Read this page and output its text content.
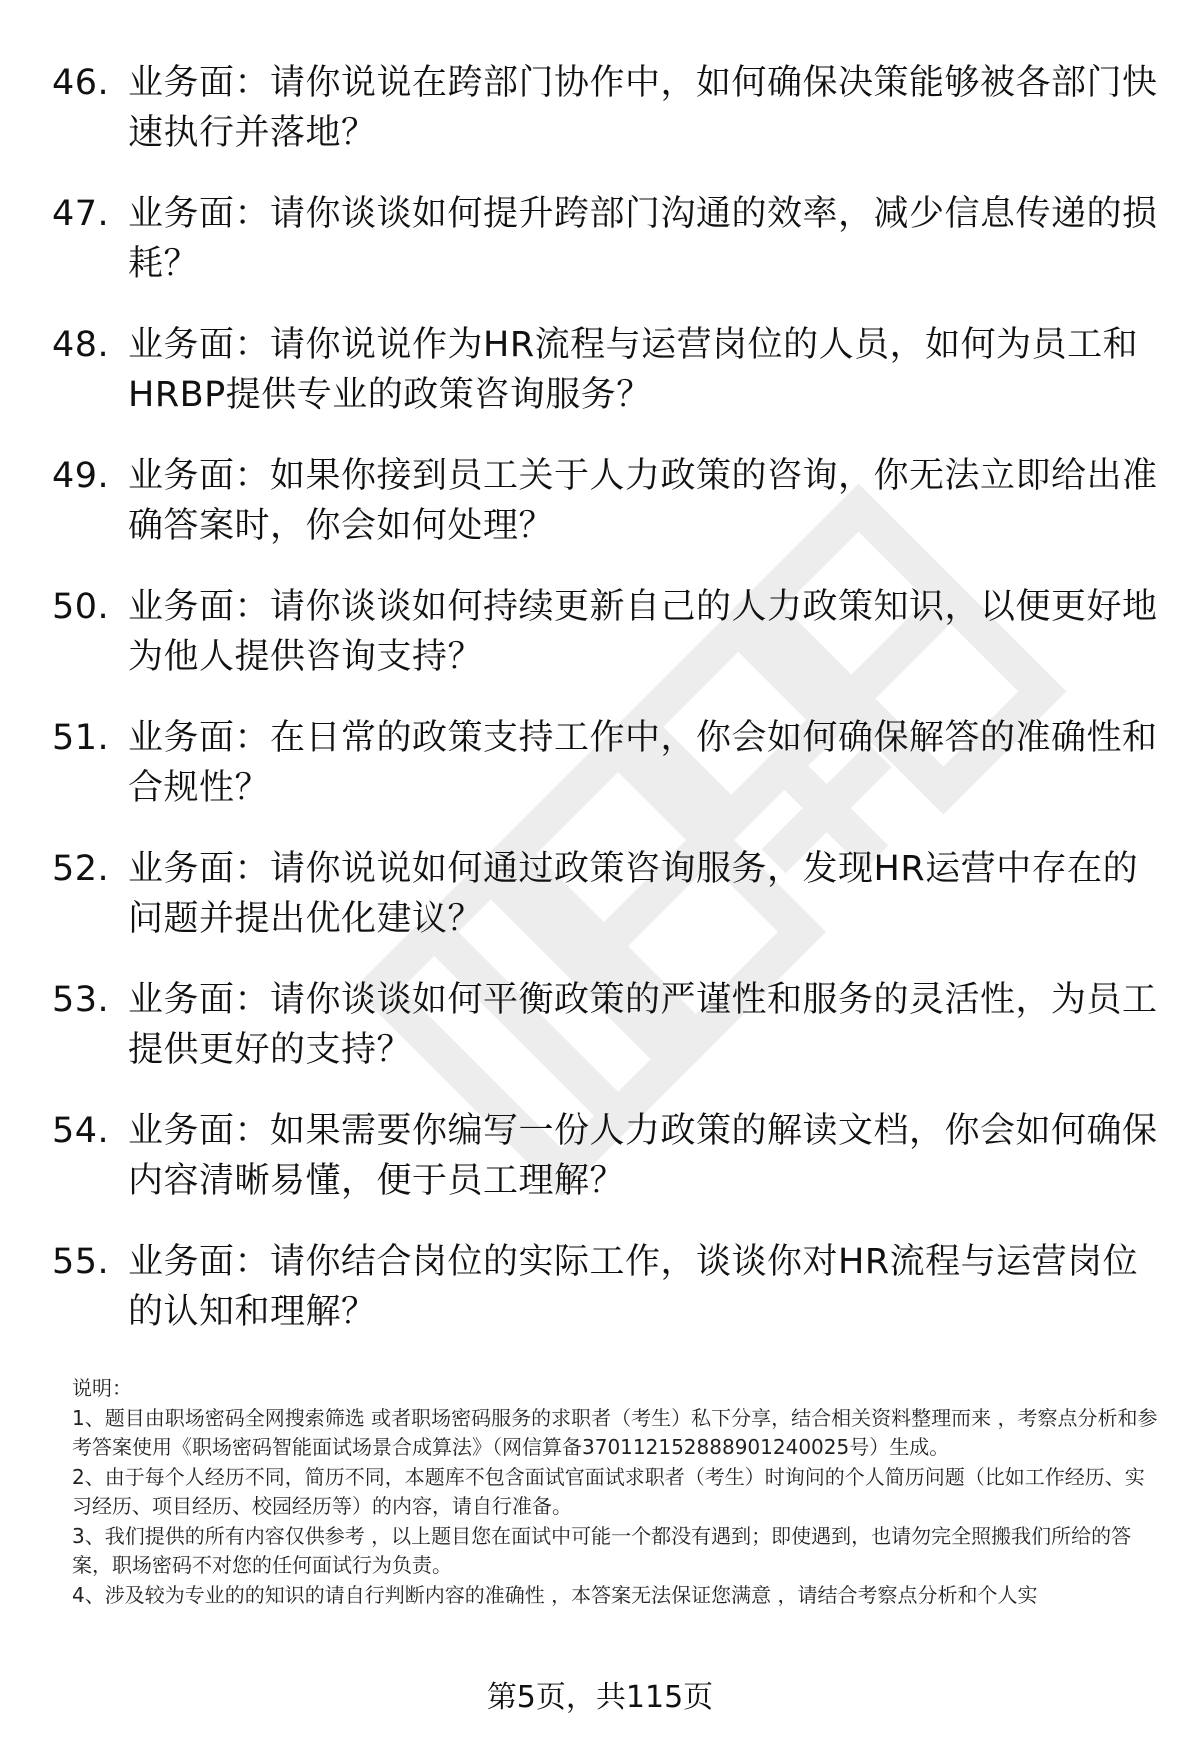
职场密码
46. 业务面：请你说说在跨部门协作中，如何确保决策能够被各部门快速执行并落地？
47. 业务面：请你谈谈如何提升跨部门沟通的效率，减少信息传递的损耗？
48. 业务面：请你说说作为HR流程与运营岗位的人员，如何为员工和HRBP提供专业的政策咨询服务？
49. 业务面：如果你接到员工关于人力政策的咨询，你无法立即给出准确答案时，你会如何处理？
50. 业务面：请你谈谈如何持续更新自己的人力政策知识，以便更好地为他人提供咨询支持？
51. 业务面：在日常的政策支持工作中，你会如何确保解答的准确性和合规性？
52. 业务面：请你说说如何通过政策咨询服务，发现HR运营中存在的问题并提出优化建议？
53. 业务面：请你谈谈如何平衡政策的严谨性和服务的灵活性，为员工提供更好的支持？
54. 业务面：如果需要你编写一份人力政策的解读文档，你会如何确保内容清晰易懂，便于员工理解？
55. 业务面：请你结合岗位的实际工作，谈谈你对HR流程与运营岗位的认知和理解？

说明：

1、题目由职场密码全网搜索筛选 或者职场密码服务的求职者（考生）私下分享，结合相关资料整理而来 ，考察点分析和参考答案使用《职场密码智能面试场景合成算法》（网信算备370112152888901240025号）生成。

2、由于每个人经历不同，简历不同，本题库不包含面试官面试求职者（考生）时询问的个人简历问题（比如工作经历、实习经历、项目经历、校园经历等）的内容，请自行准备。

3、我们提供的所有内容仅供参考 ，以上题目您在面试中可能一个都没有遇到；即使遇到，也请勿完全照搬我们所给的答案，职场密码不对您的任何面试行为负责。

4、涉及较为专业的的知识的请自行判断内容的准确性 ，本答案无法保证您满意 ，请结合考察点分析和个人实

第5页，共115页
